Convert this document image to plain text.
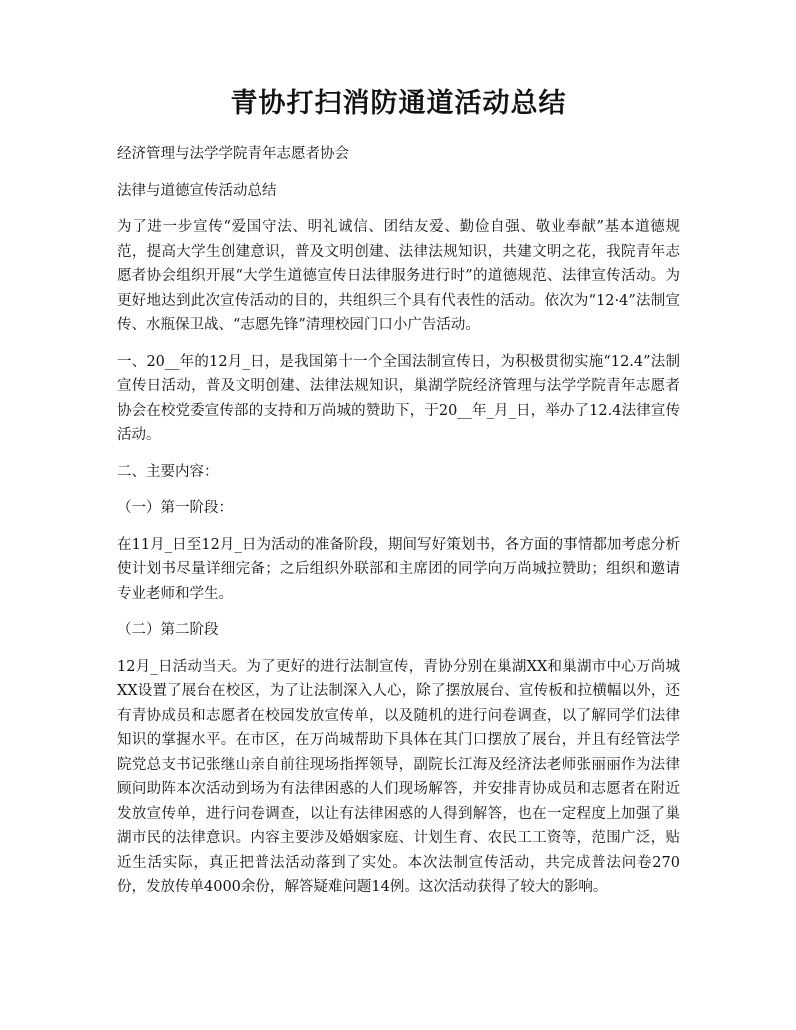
青协打扫消防通道活动总结

经济管理与法学学院青年志愿者协会

法律与道德宣传活动总结

为了进一步宣传“爱国守法、明礼诚信、团结友爱、勤俭自强、敬业奉献”基本道德规范，提高大学生创建意识，普及文明创建、法律法规知识，共建文明之花，我院青年志愿者协会组织开展“大学生道德宣传日法律服务进行时”的道德规范、法律宣传活动。为更好地达到此次宣传活动的目的，共组织三个具有代表性的活动。依次为“12·4”法制宣传、水瓶保卫战、“志愿先锋”清理校园门口小广告活动。

一、20__年的12月_日，是我国第十一个全国法制宣传日，为积极贯彻实施“12.4”法制宣传日活动，普及文明创建、法律法规知识，巢湖学院经济管理与法学学院青年志愿者协会在校党委宣传部的支持和万尚城的赞助下，于20__年_月_日，举办了12.4法律宣传活动。

二、主要内容：

（一）第一阶段：

在11月_日至12月_日为活动的准备阶段，期间写好策划书，各方面的事情都加考虑分析使计划书尽量详细完备；之后组织外联部和主席团的同学向万尚城拉赞助；组织和邀请专业老师和学生。

（二）第二阶段

12月_日活动当天。为了更好的进行法制宣传，青协分别在巢湖XX和巢湖市中心万尚城XX设置了展台在校区，为了让法制深入人心，除了摆放展台、宣传板和拉横幅以外，还有青协成员和志愿者在校园发放宣传单，以及随机的进行问卷调查，以了解同学们法律知识的掌握水平。在市区，在万尚城帮助下具体在其门口摆放了展台，并且有经管法学院党总支书记张继山亲自前往现场指挥领导，副院长江海及经济法老师张丽丽作为法律顾问助阵本次活动到场为有法律困惑的人们现场解答，并安排青协成员和志愿者在附近发放宣传单，进行问卷调查，以让有法律困惑的人得到解答，也在一定程度上加强了巢湖市民的法律意识。内容主要涉及婚姻家庭、计划生育、农民工工资等，范围广泛，贴近生活实际，真正把普法活动落到了实处。本次法制宣传活动，共完成普法问卷270份，发放传单4000余份，解答疑难问题14例。这次活动获得了较大的影响。
